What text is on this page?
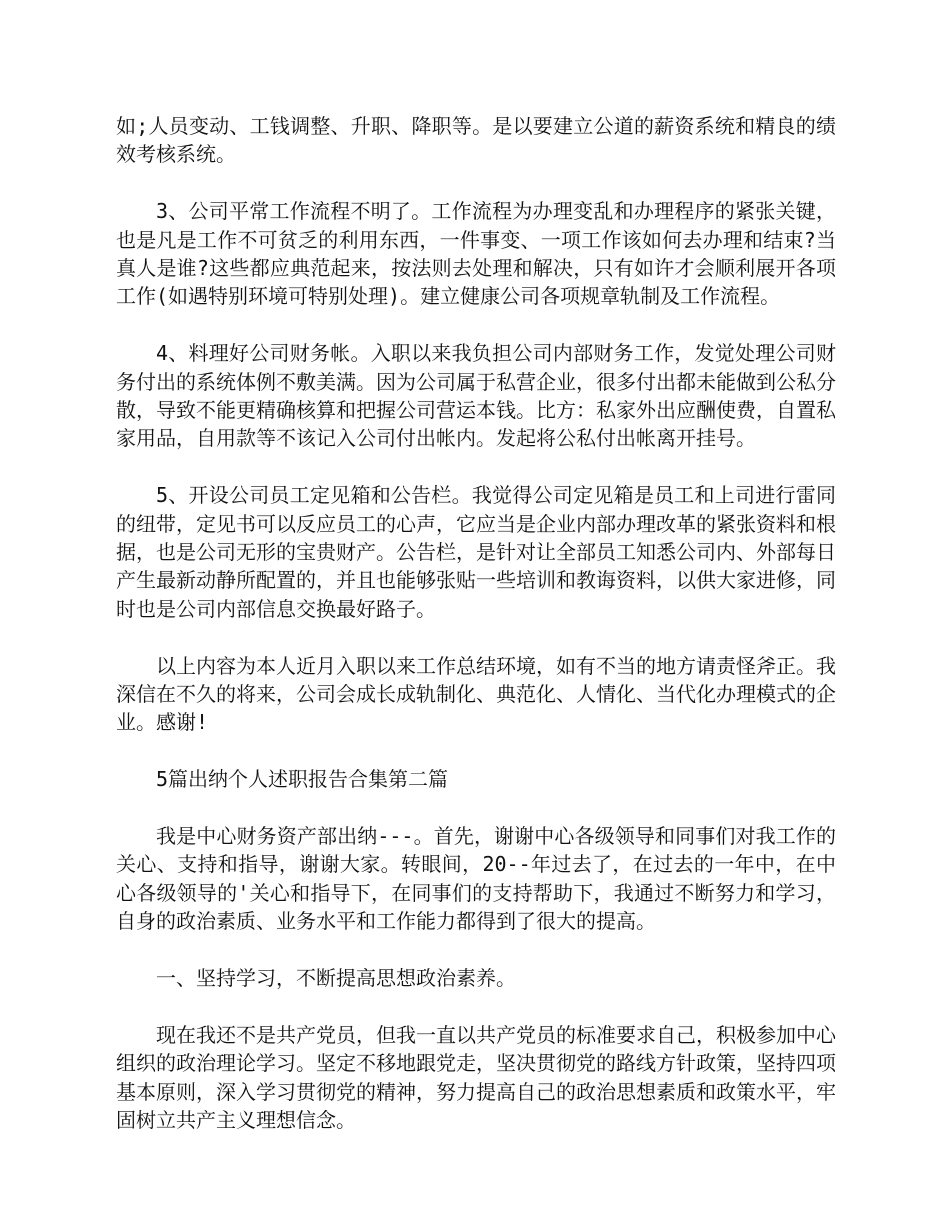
如;人员变动、工钱调整、升职、降职等。是以要建立公道的薪资系统和精良的绩效考核系统。

3、公司平常工作流程不明了。工作流程为办理变乱和办理程序的紧张关键，也是凡是工作不可贫乏的利用东西，一件事变、一项工作该如何去办理和结束?当真人是谁?这些都应典范起来，按法则去处理和解决，只有如许才会顺利展开各项工作(如遇特别环境可特别处理)。建立健康公司各项规章轨制及工作流程。

4、料理好公司财务帐。入职以来我负担公司内部财务工作，发觉处理公司财务付出的系统体例不敷美满。因为公司属于私营企业，很多付出都未能做到公私分散，导致不能更精确核算和把握公司营运本钱。比方：私家外出应酬使费，自置私家用品，自用款等不该记入公司付出帐内。发起将公私付出帐离开挂号。

5、开设公司员工定见箱和公告栏。我觉得公司定见箱是员工和上司进行雷同的纽带，定见书可以反应员工的心声，它应当是企业内部办理改革的紧张资料和根据，也是公司无形的宝贵财产。公告栏，是针对让全部员工知悉公司内、外部每日产生最新动静所配置的，并且也能够张贴一些培训和教诲资料，以供大家进修，同时也是公司内部信息交换最好路子。

以上内容为本人近月入职以来工作总结环境，如有不当的地方请责怪斧正。我深信在不久的将来，公司会成长成轨制化、典范化、人情化、当代化办理模式的企业。感谢!

5篇出纳个人述职报告合集第二篇

我是中心财务资产部出纳---。首先，谢谢中心各级领导和同事们对我工作的关心、支持和指导，谢谢大家。转眼间，20--年过去了，在过去的一年中，在中心各级领导的'关心和指导下，在同事们的支持帮助下，我通过不断努力和学习，自身的政治素质、业务水平和工作能力都得到了很大的提高。

一、坚持学习，不断提高思想政治素养。

现在我还不是共产党员，但我一直以共产党员的标准要求自己，积极参加中心组织的政治理论学习。坚定不移地跟党走，坚决贯彻党的路线方针政策，坚持四项基本原则，深入学习贯彻党的精神，努力提高自己的政治思想素质和政策水平，牢固树立共产主义理想信念。
